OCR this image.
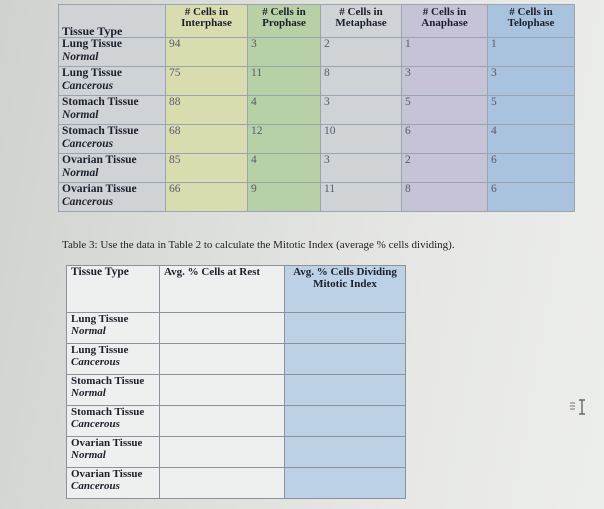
Tissue Type	# Cells in Interphase	# Cells in Prophase	# Cells in Metaphase	# Cells in Anaphase	# Cells in Telophase

Lung Tissue
Normal	94	3	2	1	1

Lung Tissue
Cancerous	75	11	8	3	3

Stomach Tissue
Normal	88	4	3	5	5

Stomach Tissue
Cancerous	68	12	10	6	4

Ovarian Tissue
Normal	85	4	3	2	6

Ovarian Tissue
Cancerous	66	9	11	8	6
Table 3: Use the data in Table 2 to calculate the Mitotic Index (average % cells dividing).
Tissue Type	Avg. % Cells at Rest	Avg. % Cells Dividing Mitotic Index

Lung Tissue
Normal		

Lung Tissue
Cancerous		

Stomach Tissue
Normal		

Stomach Tissue
Cancerous		

Ovarian Tissue
Normal		

Ovarian Tissue
Cancerous		
